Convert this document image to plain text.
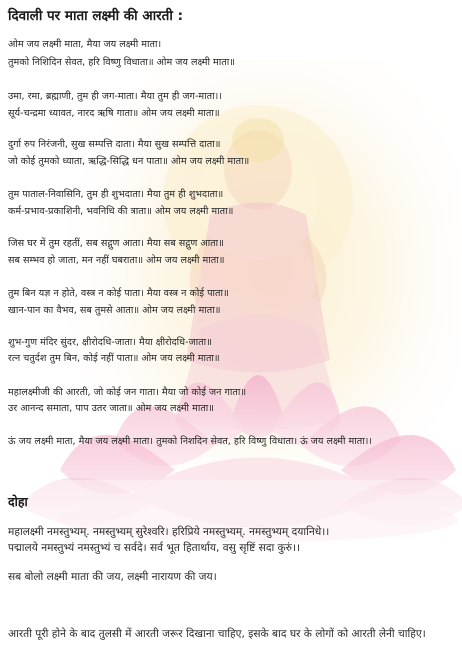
दिवाली पर माता लक्ष्मी की आरती :
ओम जय लक्ष्मी माता, मैया जय लक्ष्मी माता।
तुमको निशिदिन सेवत, हरि विष्णु विधाता॥ ओम जय लक्ष्मी माता॥
उमा, रमा, ब्रह्माणी, तुम ही जग-माता। मैया तुम ही जग-माता।।
सूर्य-चन्द्रमा ध्यावत, नारद ऋषि गाता॥ ओम जय लक्ष्मी माता॥
दुर्गा रुप निरंजनी, सुख सम्पत्ति दाता। मैया सुख सम्पत्ति दाता॥
जो कोई तुमको ध्याता, ऋद्धि-सिद्धि धन पाता॥ ओम जय लक्ष्मी माता॥
तुम पाताल-निवासिनि, तुम ही शुभदाता। मैया तुम ही शुभदाता॥
कर्म-प्रभाव-प्रकाशिनी, भवनिधि की त्राता॥ ओम जय लक्ष्मी माता॥
जिस घर में तुम रहतीं, सब सद्गुण आता। मैया सब सद्गुण आता॥
सब सम्भव हो जाता, मन नहीं घबराता॥ ओम जय लक्ष्मी माता॥
तुम बिन यज्ञ न होते, वस्त्र न कोई पाता। मैया वस्त्र न कोई पाता॥
खान-पान का वैभव, सब तुमसे आता॥ ओम जय लक्ष्मी माता॥
शुभ-गुण मंदिर सुंदर, क्षीरोदधि-जाता। मैया क्षीरोदधि-जाता॥
रत्न चतुर्दश तुम बिन, कोई नहीं पाता॥ ओम जय लक्ष्मी माता॥
महालक्ष्मीजी की आरती, जो कोई जन गाता। मैया जो कोई जन गाता॥
उर आनन्द समाता, पाप उतर जाता॥ ओम जय लक्ष्मी माता॥
ऊं जय लक्ष्मी माता, मैया जय लक्ष्मी माता। तुमको निशदिन सेवत, हरि विष्णु विधाता। ऊं जय लक्ष्मी माता।।
दोहा
महालक्ष्मी नमस्तुभ्यम्. नमस्तुभ्यम् सुरेश्वरि। हरिप्रिये नमस्तुभ्यम्. नमस्तुभ्यम् दयानिधे।।
पद्मालये नमस्तुभ्यं नमस्तुभ्यं च सर्वदे। सर्व भूत हितार्थाय, वसु सृष्टिं सदा कुरुं।।
सब बोलो लक्ष्मी माता की जय, लक्ष्मी नारायण की जय।
आरती पूरी होने के बाद तुलसी में आरती जरूर दिखाना चाहिए, इसके बाद घर के लोगों को आरती लेनी चाहिए।
